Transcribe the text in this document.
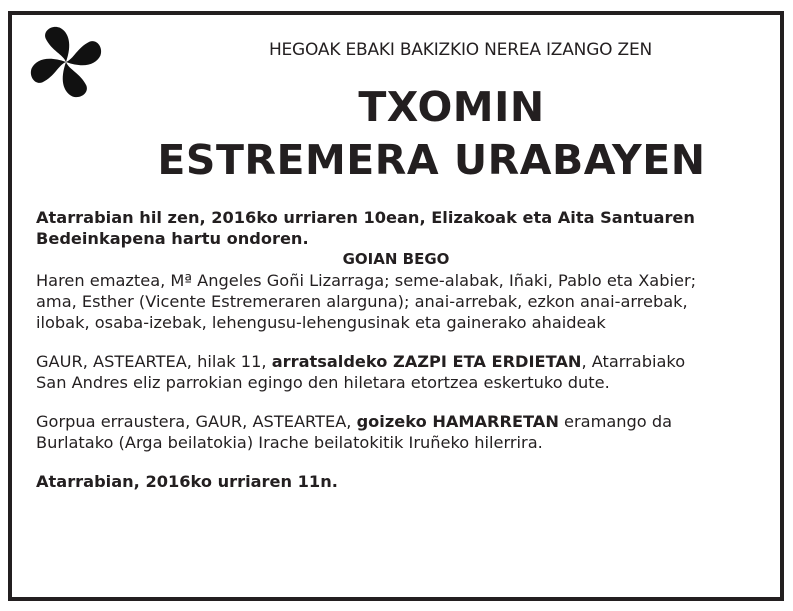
HEGOAK EBAKI BAKIZKIO NEREA IZANGO ZEN
TXOMIN
ESTREMERA URABAYEN

Atarrabian hil zen, 2016ko urriaren 10ean, Elizakoak eta Aita Santuaren

Bedeinkapena hartu ondoren.

GOIAN BEGO

Haren emaztea, Mª Angeles Goñi Lizarraga; seme-alabak, Iñaki, Pablo eta Xabier;

ama, Esther (Vicente Estremeraren alarguna); anai-arrebak, ezkon anai-arrebak,

ilobak, osaba-izebak, lehengusu-lehengusinak eta gainerako ahaideak

GAUR, ASTEARTEA, hilak 11, arratsaldeko ZAZPI ETA ERDIETAN, Atarrabiako

San Andres eliz parrokian egingo den hiletara etortzea eskertuko dute.

Gorpua erraustera, GAUR, ASTEARTEA, goizeko HAMARRETAN eramango da

Burlatako (Arga beilatokia) Irache beilatokitik Iruñeko hilerrira.

Atarrabian, 2016ko urriaren 11n.
